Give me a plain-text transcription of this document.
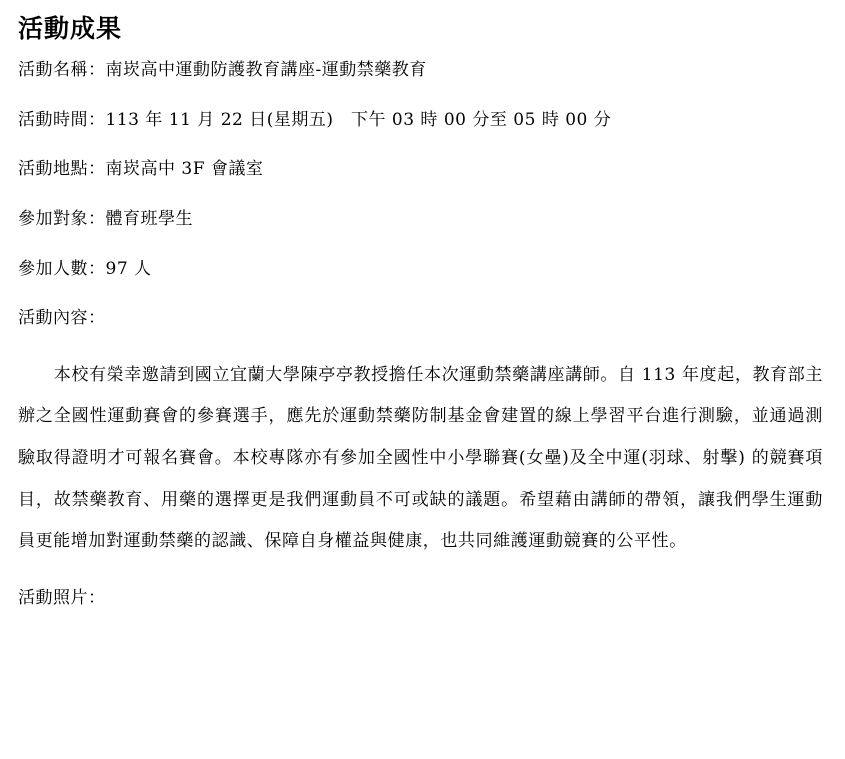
活動成果
活動名稱：南崁高中運動防護教育講座-運動禁藥教育
活動時間：113 年 11 月 22 日(星期五)　下午 03 時 00 分至 05 時 00 分
活動地點：南崁高中 3F 會議室
參加對象：體育班學生
參加人數：97 人
活動內容：

本校有榮幸邀請到國立宜蘭大學陳亭亭教授擔任本次運動禁藥講座講師。自 113 年度起，教育部主辦之全國性運動賽會的參賽選手，應先於運動禁藥防制基金會建置的線上學習平台進行測驗，並通過測驗取得證明才可報名賽會。本校專隊亦有參加全國性中小學聯賽(女壘)及全中運(羽球、射擊) 的競賽項目，故禁藥教育、用藥的選擇更是我們運動員不可或缺的議題。希望藉由講師的帶領，讓我們學生運動員更能增加對運動禁藥的認識、保障自身權益與健康，也共同維護運動競賽的公平性。

活動照片：
